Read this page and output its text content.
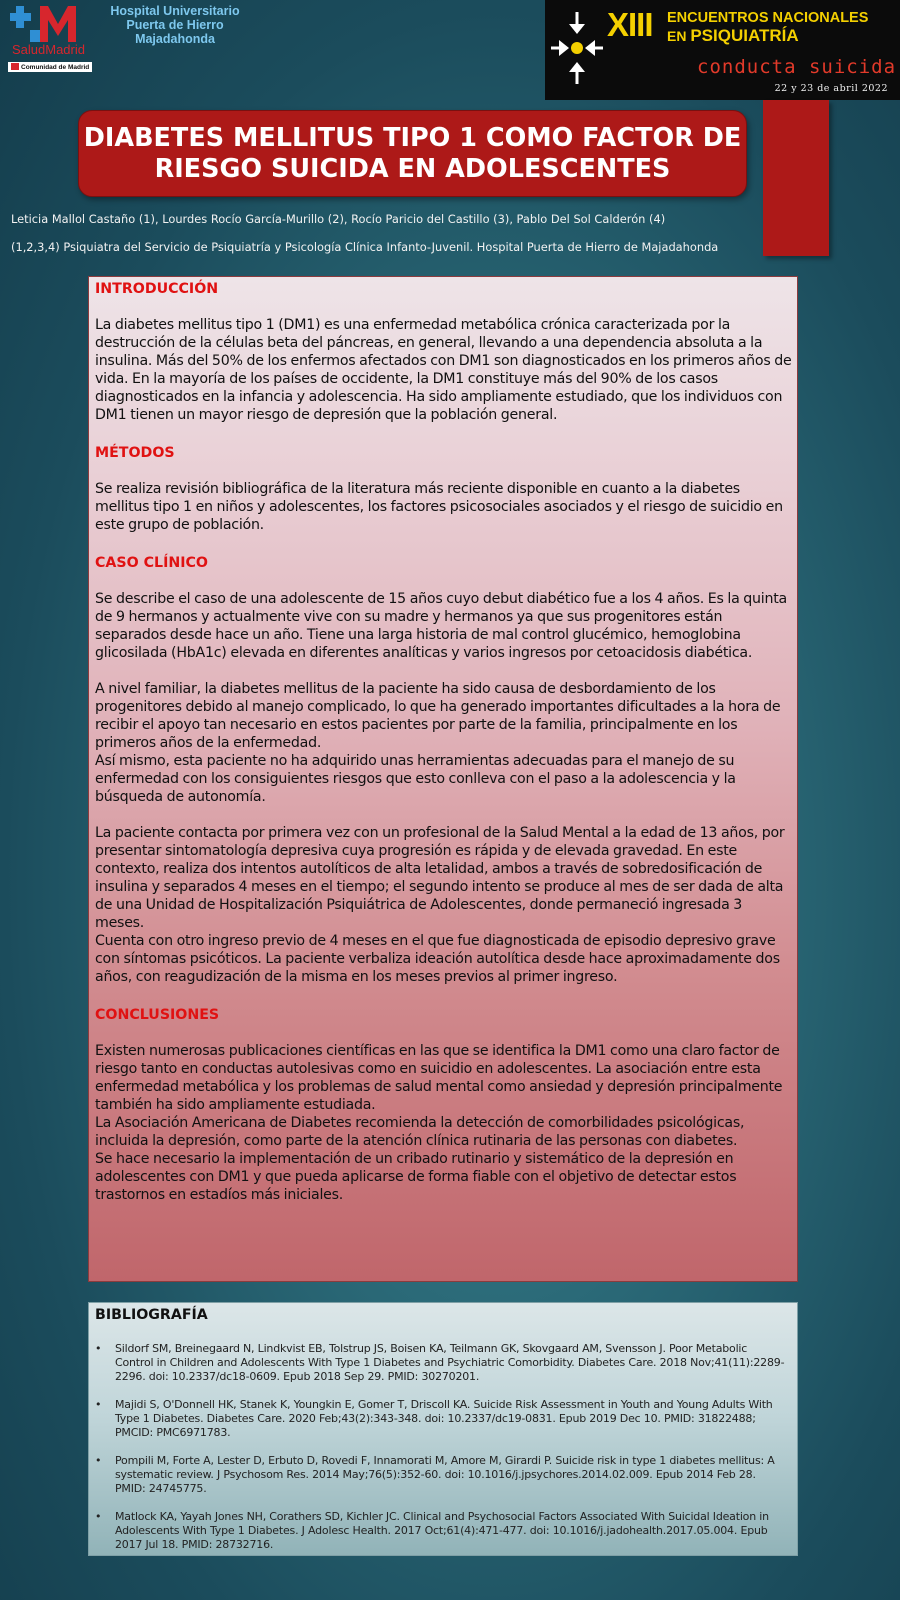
SaludMadrid
Comunidad de Madrid
Hospital Universitario
Puerta de Hierro
Majadahonda	XIII ENCUENTROS NACIONALES
EN PSIQUIATRÍA
conducta suicida
22 y 23 de abril 2022
DIABETES MELLITUS TIPO 1 COMO FACTOR DE
RIESGO SUICIDA EN ADOLESCENTES
Leticia Mallol Castaño (1), Lourdes Rocío García-Murillo (2), Rocío Paricio del Castillo (3), Pablo Del Sol Calderón (4)
(1,2,3,4) Psiquiatra del Servicio de Psiquiatría y Psicología Clínica Infanto-Juvenil. Hospital Puerta de Hierro de Majadahonda
INTRODUCCIÓN

La diabetes mellitus tipo 1 (DM1) es una enfermedad metabólica crónica caracterizada por la destrucción de la células beta del páncreas, en general, llevando a una dependencia absoluta a la insulina. Más del 50% de los enfermos afectados con DM1 son diagnosticados en los primeros años de vida. En la mayoría de los países de occidente, la DM1 constituye más del 90% de los casos diagnosticados en la infancia y adolescencia. Ha sido ampliamente estudiado, que los individuos con DM1 tienen un mayor riesgo de depresión que la población general.

MÉTODOS

Se realiza revisión bibliográfica de la literatura más reciente disponible en cuanto a la diabetes mellitus tipo 1 en niños y adolescentes, los factores psicosociales asociados y el riesgo de suicidio en este grupo de población.

CASO CLÍNICO

Se describe el caso de una adolescente de 15 años cuyo debut diabético fue a los 4 años. Es la quinta de 9 hermanos y actualmente vive con su madre y hermanos ya que sus progenitores están separados desde hace un año. Tiene una larga historia de mal control glucémico, hemoglobina glicosilada (HbA1c) elevada en diferentes analíticas y varios ingresos por cetoacidosis diabética.

A nivel familiar, la diabetes mellitus de la paciente ha sido causa de desbordamiento de los progenitores debido al manejo complicado, lo que ha generado importantes dificultades a la hora de recibir el apoyo tan necesario en estos pacientes por parte de la familia, principalmente en los primeros años de la enfermedad.

Así mismo, esta paciente no ha adquirido unas herramientas adecuadas para el manejo de su enfermedad con los consiguientes riesgos que esto conlleva con el paso a la adolescencia y la búsqueda de autonomía.

La paciente contacta por primera vez con un profesional de la Salud Mental a la edad de 13 años, por presentar sintomatología depresiva cuya progresión es rápida y de elevada gravedad. En este contexto, realiza dos intentos autolíticos de alta letalidad, ambos a través de sobredosificación de insulina y separados 4 meses en el tiempo; el segundo intento se produce al mes de ser dada de alta de una Unidad de Hospitalización Psiquiátrica de Adolescentes, donde permaneció ingresada 3 meses.

Cuenta con otro ingreso previo de 4 meses en el que fue diagnosticada de episodio depresivo grave con síntomas psicóticos. La paciente verbaliza ideación autolítica desde hace aproximadamente dos años, con reagudización de la misma en los meses previos al primer ingreso.

CONCLUSIONES

Existen numerosas publicaciones científicas en las que se identifica la DM1 como una claro factor de riesgo tanto en conductas autolesivas como en suicidio en adolescentes. La asociación entre esta enfermedad metabólica y los problemas de salud mental como ansiedad y depresión principalmente también ha sido ampliamente estudiada.

La Asociación Americana de Diabetes recomienda la detección de comorbilidades psicológicas, incluida la depresión, como parte de la atención clínica rutinaria de las personas con diabetes.

Se hace necesario la implementación de un cribado rutinario y sistemático de la depresión en adolescentes con DM1 y que pueda aplicarse de forma fiable con el objetivo de detectar estos trastornos en estadíos más iniciales.

BIBLIOGRAFÍA
• Sildorf SM, Breinegaard N, Lindkvist EB, Tolstrup JS, Boisen KA, Teilmann GK, Skovgaard AM, Svensson J. Poor Metabolic Control in Children and Adolescents With Type 1 Diabetes and Psychiatric Comorbidity. Diabetes Care. 2018 Nov;41(11):2289-2296. doi: 10.2337/dc18-0609. Epub 2018 Sep 29. PMID: 30270201.
• Majidi S, O'Donnell HK, Stanek K, Youngkin E, Gomer T, Driscoll KA. Suicide Risk Assessment in Youth and Young Adults With Type 1 Diabetes. Diabetes Care. 2020 Feb;43(2):343-348. doi: 10.2337/dc19-0831. Epub 2019 Dec 10. PMID: 31822488; PMCID: PMC6971783.
• Pompili M, Forte A, Lester D, Erbuto D, Rovedi F, Innamorati M, Amore M, Girardi P. Suicide risk in type 1 diabetes mellitus: A systematic review. J Psychosom Res. 2014 May;76(5):352-60. doi: 10.1016/j.jpsychores.2014.02.009. Epub 2014 Feb 28. PMID: 24745775.
• Matlock KA, Yayah Jones NH, Corathers SD, Kichler JC. Clinical and Psychosocial Factors Associated With Suicidal Ideation in Adolescents With Type 1 Diabetes. J Adolesc Health. 2017 Oct;61(4):471-477. doi: 10.1016/j.jadohealth.2017.05.004. Epub 2017 Jul 18. PMID: 28732716.
